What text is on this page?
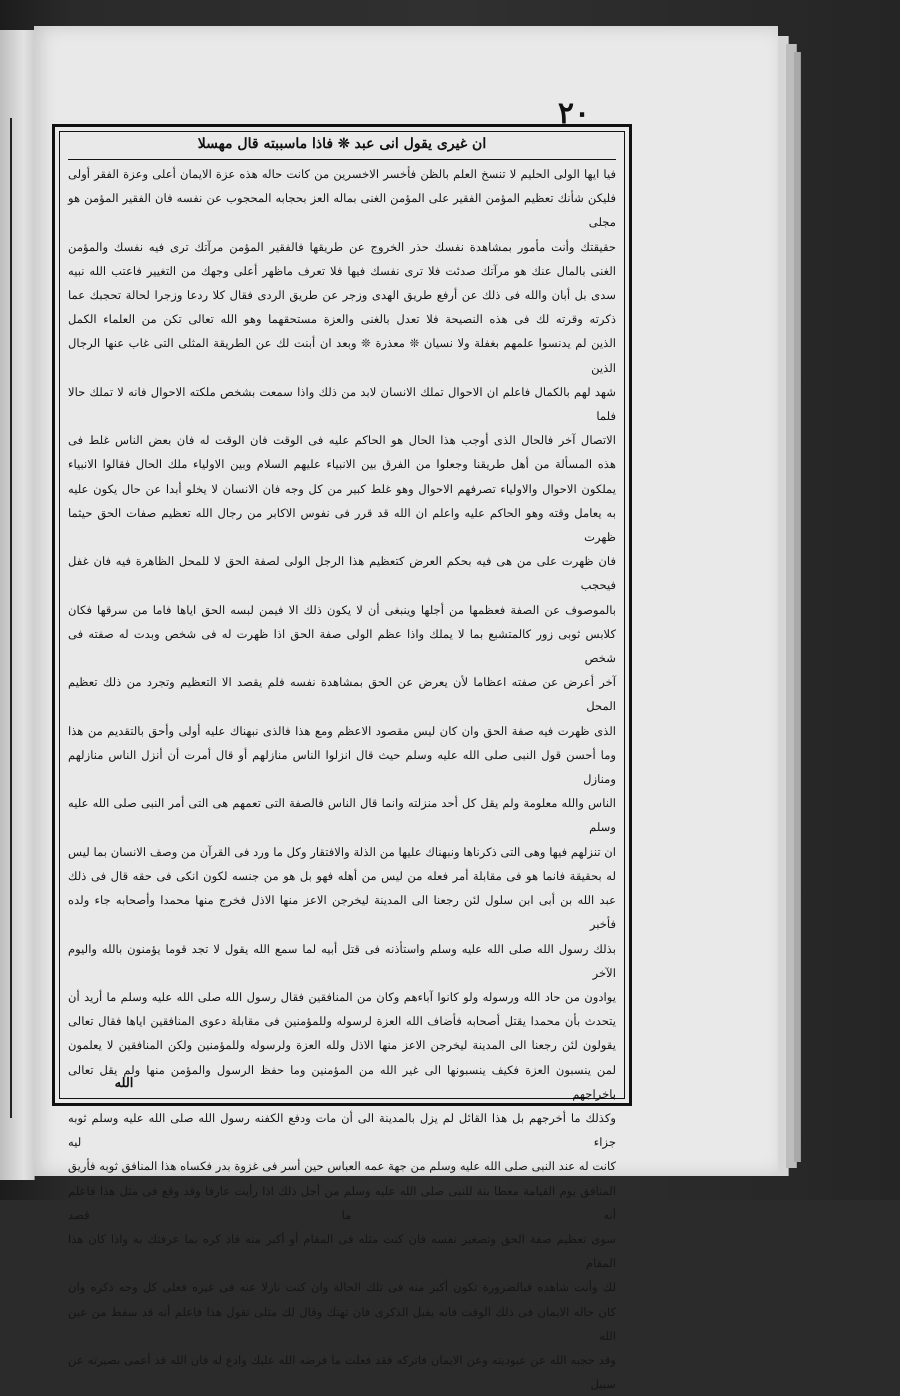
٢٠
ان غيرى يقول انى عبد ❊ فاذا ماسببته قال مهسلا

فيا ايها الولى الحليم لا تنسخ العلم بالظن فأخسر الاخسرين من كانت حاله هذه عزة الايمان أعلى وعزة الفقر أولى

فليكن شأنك تعظيم المؤمن الفقير على المؤمن الغنى بماله العز بحجابه المحجوب عن نفسه فان الفقير المؤمن هو مجلى

حقيقتك وأنت مأمور بمشاهدة نفسك حذر الخروج عن طريقها فالفقير المؤمن مرآتك ترى فيه نفسك والمؤمن

الغنى بالمال عنك هو مرآتك صدئت فلا ترى نفسك فيها فلا تعرف ماظهر أعلى وجهك من التغيير فاعتب الله نبيه

سدى بل أبان والله فى ذلك عن أرفع طريق الهدى وزجر عن طريق الردى فقال كلا ردعا وزجرا لحالة تحجبك عما

ذكرته وقرته لك فى هذه النصيحة فلا تعدل بالغنى والعزة مستحقهما وهو الله تعالى تكن من العلماء الكمل

الذين لم يدنسوا علمهم بغفلة ولا نسيان ❊ معذرة ❊ وبعد ان أبنت لك عن الطريقة المثلى التى غاب عنها الرجال الذين

شهد لهم بالكمال فاعلم ان الاحوال تملك الانسان لابد من ذلك واذا سمعت بشخص ملكته الاحوال فانه لا تملك حالا فلما

الاتصال آخر فالحال الذى أوجب هذا الحال هو الحاكم عليه فى الوقت فان الوقت له فان بعض الناس غلط فى

هذه المسألة من أهل طريقنا وجعلوا من الفرق بين الانبياء عليهم السلام وبين الاولياء ملك الحال فقالوا الانبياء

يملكون الاحوال والاولياء تصرفهم الاحوال وهو غلط كبير من كل وجه فان الانسان لا يخلو أبدا عن حال يكون عليه

به يعامل وقته وهو الحاكم عليه واعلم ان الله قد قرر فى نفوس الاكابر من رجال الله تعظيم صفات الحق حيثما ظهرت

فان ظهرت على من هى فيه بحكم العرض كتعظيم هذا الرجل الولى لصفة الحق لا للمحل الظاهرة فيه فان غفل فيحجب

بالموصوف عن الصفة فعظمها من أجلها وينبغى أن لا يكون ذلك الا فيمن لبسه الحق اياها فاما من سرقها فكان

كلابس ثوبى زور كالمتشبع بما لا يملك واذا عظم الولى صفة الحق اذا ظهرت له فى شخص وبدت له صفته فى شخص

آخر أعرض عن صفته اعظاما لأن يعرض عن الحق بمشاهدة نفسه فلم يقصد الا التعظيم وتجرد من ذلك تعظيم المحل

الذى ظهرت فيه صفة الحق وان كان ليس مقصود الاعظم ومع هذا فالذى نبهناك عليه أولى وأحق بالتقديم من هذا

وما أحسن قول النبى صلى الله عليه وسلم حيث قال انزلوا الناس منازلهم أو قال أمرت أن أنزل الناس منازلهم ومنازل

الناس والله معلومة ولم يقل كل أحد منزلته وانما قال الناس فالصفة التى تعمهم هى التى أمر النبى صلى الله عليه وسلم

ان تنزلهم فيها وهى التى ذكرناها ونبهناك عليها من الذلة والافتقار وكل ما ورد فى القرآن من وصف الانسان بما ليس

له بحقيقة فانما هو فى مقابلة أمر فعله من ليس من أهله فهو بل هو من جنسه لكون انكى فى حقه قال فى ذلك

عبد الله بن أبى ابن سلول لئن رجعنا الى المدينة ليخرجن الاعز منها الاذل فخرج منها محمدا وأصحابه جاء ولده فأخبر

بذلك رسول الله صلى الله عليه وسلم واستأذنه فى قتل أبيه لما سمع الله يقول لا تجد قوما يؤمنون بالله واليوم الآخر

يوادون من حاد الله ورسوله ولو كانوا آباءهم وكان من المنافقين فقال رسول الله صلى الله عليه وسلم ما أريد أن

يتحدث بأن محمدا يقتل أصحابه فأضاف الله العزة لرسوله وللمؤمنين فى مقابلة دعوى المنافقين اياها فقال تعالى

يقولون لئن رجعنا الى المدينة ليخرجن الاعز منها الاذل ولله العزة ولرسوله وللمؤمنين ولكن المنافقين لا يعلمون

لمن ينسبون العزة فكيف ينسبونها الى غير الله من المؤمنين وما حفظ الرسول والمؤمن منها ولم يقل تعالى باخراجهم

وكذلك ما أخرجهم بل هذا القائل لم يزل بالمدينة الى أن مات ودفع الكفنه رسول الله صلى الله عليه وسلم ثوبه جزاء ليه

كانت له عند النبى صلى الله عليه وسلم من جهة عمه العباس حين أسر فى غزوة بدر فكساه هذا المنافق ثوبه فأريق

المنافق يوم القيامة معطا بنة للنبى صلى الله عليه وسلم من أجل ذلك اذا رأيت عارفا وقد وقع فى مثل هذا فاعلم أنه ما قصد

سوى تعظيم صفة الحق وتصغير نفسه فان كنت مثله فى المقام أو أكبر منه فاذ كره بما عرفتك به واذا كان هذا المقام

لك وأنت شاهده فبالضرورة تكون أكبر منه فى تلك الحالة وان كنت نازلا عنه فى غيره فعلى كل وجه ذكره وان

كان حاله الايمان فى ذلك الوقت فانه يقبل الذكرى فان تهتك وقال لك مثلى تقول هذا فاعلم أنه قد سقط من عين الله

وقد حجبه الله عن عبوديته وعن الايمان فاتركه فقد فعلت ما فرضه الله عليك وادع له فان الله قد أعمى بصيرته عن سبيل

الله
